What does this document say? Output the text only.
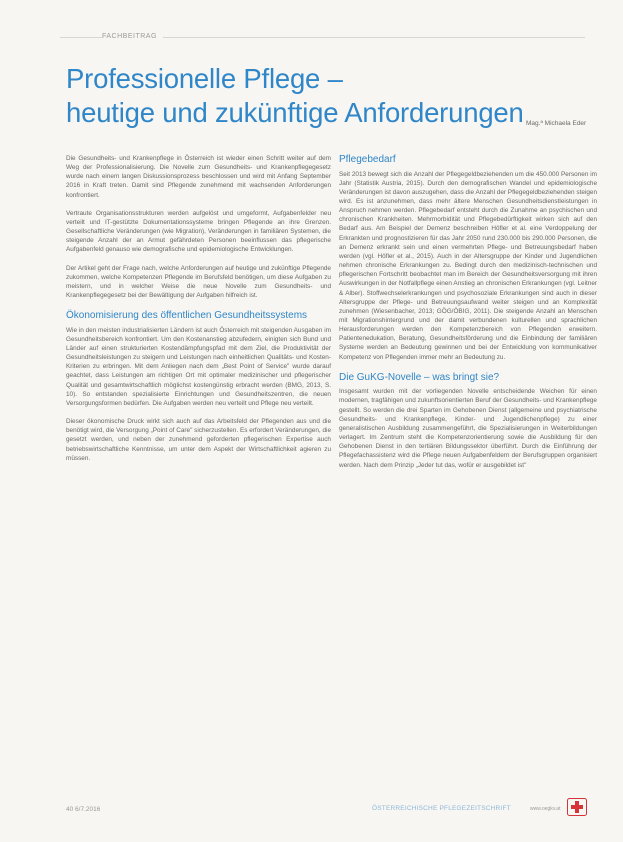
FACHBEITRAG
Professionelle Pflege –
heutige und zukünftige Anforderungen Mag.ª Michaela Eder

Die Gesundheits- und Krankenpflege in Österreich ist wieder einen Schritt weiter auf dem Weg der Professionalisierung. Die Novelle zum Gesundheits- und Krankenpflegegesetz wurde nach einem langen Diskussionsprozess beschlossen und wird mit Anfang September 2016 in Kraft treten. Damit sind Pflegende zunehmend mit wachsenden Anforderungen konfrontiert.

Vertraute Organisationsstrukturen werden aufgelöst und umgeformt, Aufgabenfelder neu verteilt und IT-gestützte Dokumentationssysteme bringen Pflegende an ihre Grenzen. Gesellschaftliche Veränderungen (wie Migration), Veränderungen in familiären Systemen, die steigende Anzahl der an Armut gefährdeten Personen beeinflussen das pflegerische Aufgabenfeld genauso wie demografische und epidemiologische Entwicklungen.

Der Artikel geht der Frage nach, welche Anforderungen auf heutige und zukünftige Pflegende zukommen, welche Kompetenzen Pflegende im Berufsfeld benötigen, um diese Aufgaben zu meistern, und in welcher Weise die neue Novelle zum Gesundheits- und Krankenpflegegesetz bei der Bewältigung der Aufgaben hilfreich ist.

Ökonomisierung des öffentlichen Gesundheitssystems

Wie in den meisten industrialisierten Ländern ist auch Österreich mit steigenden Ausgaben im Gesundheitsbereich konfrontiert. Um den Kostenanstieg abzufedern, einigten sich Bund und Länder auf einen strukturierten Kostendämpfungspfad mit dem Ziel, die Produktivität der Gesundheitsleistungen zu steigern und Leistungen nach einheitlichen Qualitäts- und Kosten-Kriterien zu erbringen. Mit dem Anliegen nach dem „Best Point of Service" wurde darauf geachtet, dass Leistungen am richtigen Ort mit optimaler medizinischer und pflegerischer Qualität und gesamtwirtschaftlich möglichst kostengünstig erbracht werden (BMG, 2013, S. 10). So entstanden spezialisierte Einrichtungen und Gesundheitszentren, die neuen Versorgungsformen bedürfen. Die Aufgaben werden neu verteilt und Pflege neu verteilt.

Dieser ökonomische Druck wirkt sich auch auf das Arbeitsfeld der Pflegenden aus und die benötigt wird, die Versorgung „Point of Care" sicherzustellen. Es erfordert Veränderungen, die gesetzt werden, und neben der zunehmend geforderten pflegerischen Expertise auch betriebswirtschaftliche Kenntnisse, um unter dem Aspekt der Wirtschaftlichkeit agieren zu müssen.

Pflegebedarf

Seit 2013 bewegt sich die Anzahl der Pflegegeldbeziehenden um die 450.000 Personen im Jahr (Statistik Austria, 2015). Durch den demografischen Wandel und epidemiologische Veränderungen ist davon auszugehen, dass die Anzahl der Pflegegeldbeziehenden steigen wird. Es ist anzunehmen, dass mehr ältere Menschen Gesundheitsdienstleistungen in Anspruch nehmen werden. Pflegebedarf entsteht durch die Zunahme an psychischen und chronischen Krankheiten. Mehrmorbidität und Pflegebedürftigkeit wirken sich auf den Bedarf aus. Am Beispiel der Demenz beschreiben Höfler et al. eine Verdoppelung der Erkrankten und prognostizieren für das Jahr 2050 rund 230.000 bis 290.000 Personen, die an Demenz erkrankt sein und einen vermehrten Pflege- und Betreuungsbedarf haben werden (vgl. Höfler et al., 2015). Auch in der Altersgruppe der Kinder und Jugendlichen nehmen chronische Erkrankungen zu. Bedingt durch den medizinisch-technischen und pflegerischen Fortschritt beobachtet man im Bereich der Gesundheitsversorgung mit ihren Auswirkungen in der Notfallpflege einen Anstieg an chronischen Erkrankungen (vgl. Leitner & Alber). Stoffwechselerkrankungen und psychosoziale Erkrankungen sind auch in dieser Altersgruppe der Pflege- und Betreuungsaufwand weiter steigen und an Komplexität zunehmen (Wiesenbacher, 2013; GÖG/ÖBIG, 2011). Die steigende Anzahl an Menschen mit Migrationshintergrund und der damit verbundenen kulturellen und sprachlichen Herausforderungen werden den Kompetenzbereich von Pflegenden erweitern. Patientenedukation, Beratung, Gesundheitsförderung und die Einbindung der familiären Systeme werden an Bedeutung gewinnen und bei der Entwicklung von kommunikativer Kompetenz von Pflegenden immer mehr an Bedeutung zu.

Die GuKG-Novelle – was bringt sie?

Insgesamt wurden mit der vorliegenden Novelle entscheidende Weichen für einen modernen, tragfähigen und zukunftsorientierten Beruf der Gesundheits- und Krankenpflege gestellt. So werden die drei Sparten im Gehobenen Dienst (allgemeine und psychiatrische Gesundheits- und Krankenpflege, Kinder- und Jugendlichenpflege) zu einer generalistischen Ausbildung zusammengeführt, die Spezialisierungen in Weiterbildungen verlagert. Im Zentrum steht die Kompetenzorientierung sowie die Ausbildung für den Gehobenen Dienst in den tertiären Bildungssektor überführt. Durch die Einführung der Pflegefachassistenz wird die Pflege neuen Aufgabenfeldern der Berufsgruppen organisiert werden. Nach dem Prinzip „Jeder tut das, wofür er ausgebildet ist"

40 6/7.2016	ÖSTERREICHISCHE PFLEGEZEITSCHRIFT	www.oegkv.at
